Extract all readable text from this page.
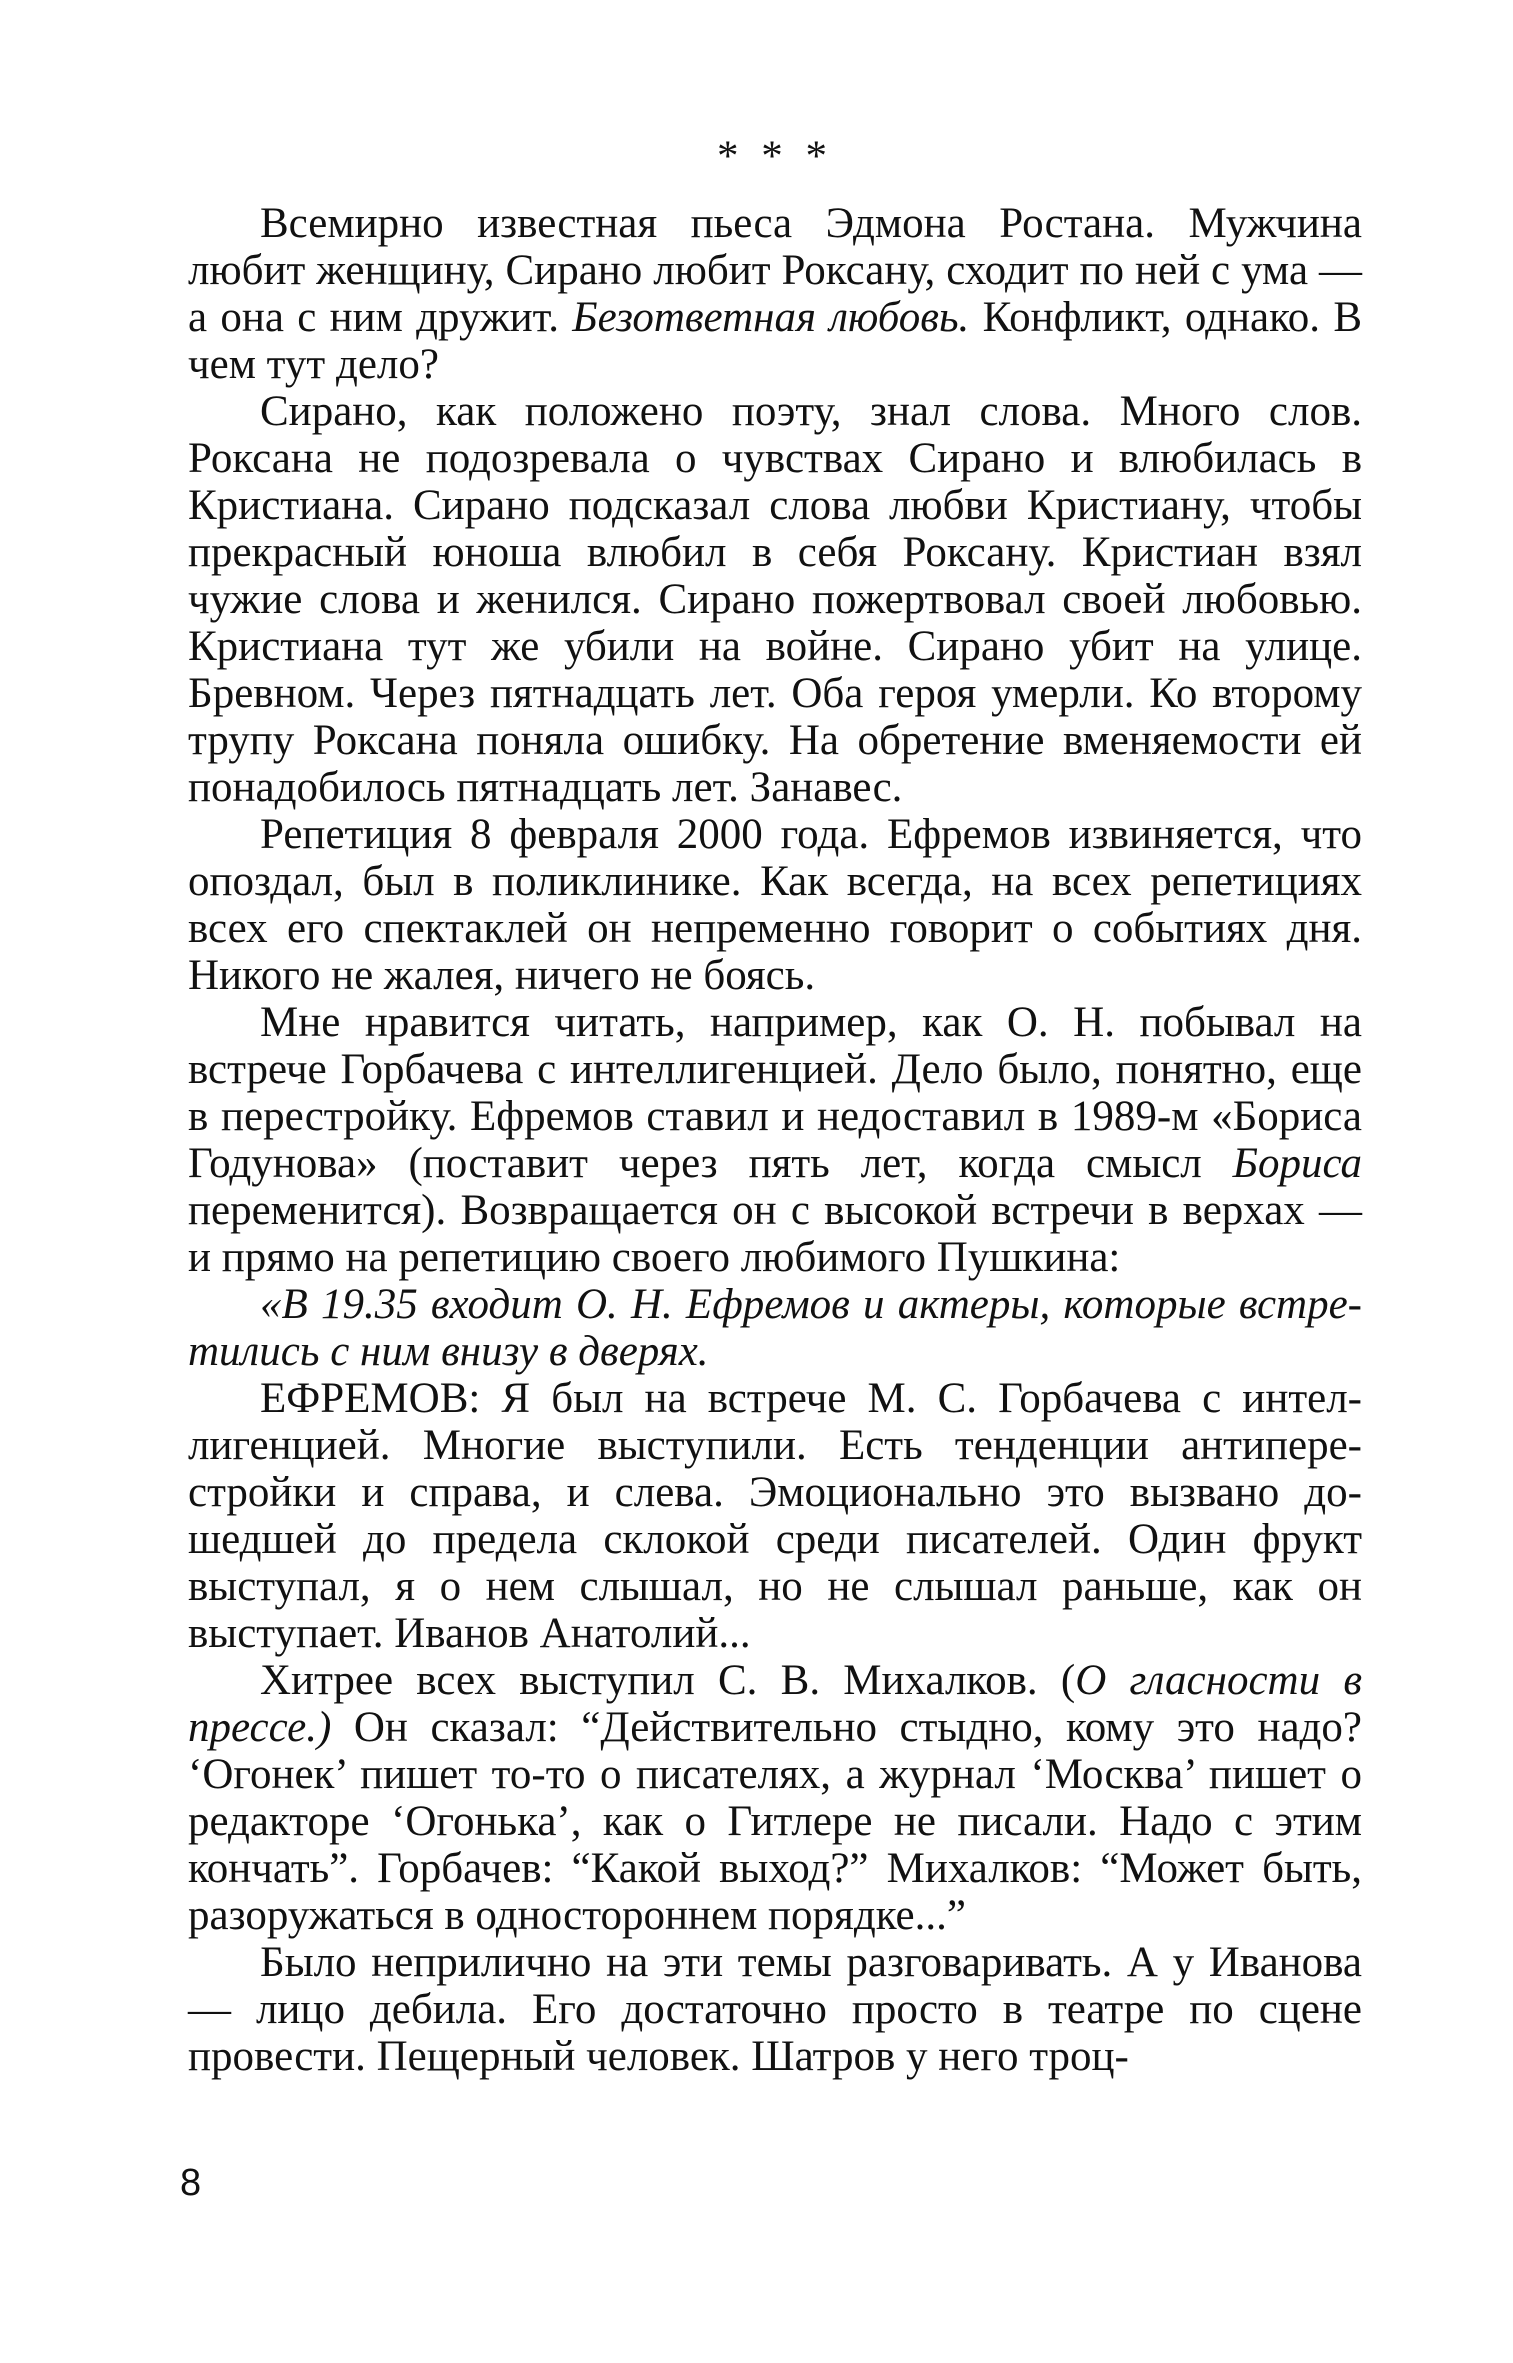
* * *

Всемирно известная пьеса Эдмона Ростана. Мужчина любит женщину, Сирано любит Роксану, сходит по ней с ума — а она с ним дружит. Безответная любовь. Конфликт, однако. В чем тут дело?

Сирано, как положено поэту, знал слова. Много слов. Роксана не подозревала о чувствах Сирано и влюбилась в Кристиана. Сирано подсказал слова любви Кристиану, чтобы прекрасный юноша влюбил в себя Роксану. Кристиан взял чужие слова и женился. Сирано пожертвовал своей любовью. Кристиана тут же убили на войне. Сирано убит на улице. Бревном. Через пятнадцать лет. Оба героя умерли. Ко второму трупу Роксана поняла ошибку. На обретение вменяемости ей понадобилось пятнадцать лет. Занавес.

Репетиция 8 февраля 2000 года. Ефремов извиняется, что опоздал, был в поликлинике. Как всегда, на всех репетициях всех его спектаклей он непременно говорит о событиях дня. Никого не жалея, ничего не боясь.

Мне нравится читать, например, как О. Н. побывал на встрече Горбачева с интеллигенцией. Дело было, понятно, еще в перестройку. Ефремов ставил и недоставил в 1989-м «Бориса Годунова» (поставит через пять лет, когда смысл Бориса переменится). Возвращается он с высокой встречи в верхах — и прямо на репетицию своего любимого Пушкина:

«В 19.35 входит О. Н. Ефремов и актеры, которые встретились с ним внизу в дверях.

ЕФРЕМОВ: Я был на встрече М. С. Горбачева с интеллигенцией. Многие выступили. Есть тенденции антиперестройки и справа, и слева. Эмоционально это вызвано дошедшей до предела склокой среди писателей. Один фрукт выступал, я о нем слышал, но не слышал раньше, как он выступает. Иванов Анатолий...

Хитрее всех выступил С. В. Михалков. (О гласности в прессе.) Он сказал: “Действительно стыдно, кому это надо? ‘Огонек’ пишет то-то о писателях, а журнал ‘Москва’ пишет о редакторе ‘Огонька’, как о Гитлере не писали. Надо с этим кончать”. Горбачев: “Какой выход?” Михалков: “Может быть, разоружаться в одностороннем порядке...”

Было неприлично на эти темы разговаривать. А у Иванова — лицо дебила. Его достаточно просто в театре по сцене провести. Пещерный человек. Шатров у него троц-

8
